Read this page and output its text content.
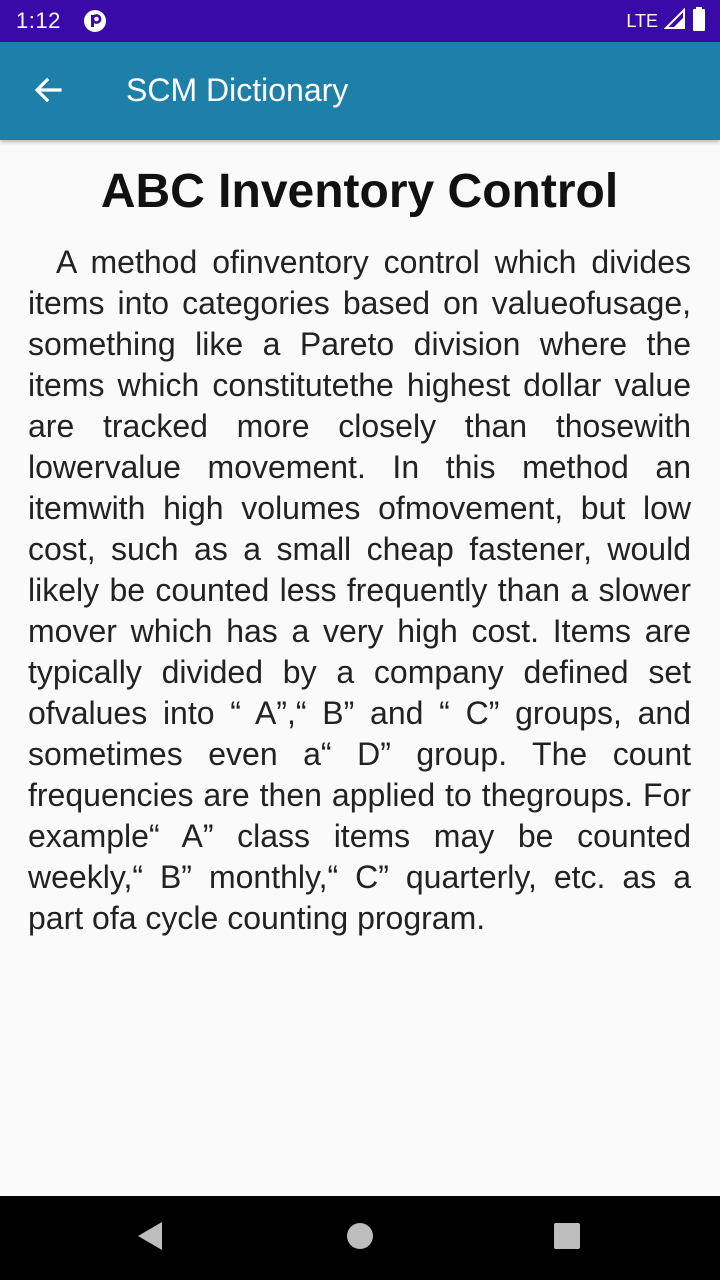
1:12	LTE
SCM Dictionary
ABC Inventory Control

A method ofinventory control which divides items into categories based on valueofusage, something like a Pareto division where the items which constitutethe highest dollar value are tracked more closely than thosewith lowervalue movement. In this method an itemwith high volumes ofmovement, but low cost, such as a small cheap fastener, would likely be counted less frequently than a slower mover which has a very high cost. Items are typically divided by a company defined set ofvalues into “ A”,“ B” and “ C” groups, and sometimes even a“ D” group. The count frequencies are then applied to thegroups. For example“ A” class items may be counted weekly,“ B” monthly,“ C” quarterly, etc. as a part ofa cycle counting program.
